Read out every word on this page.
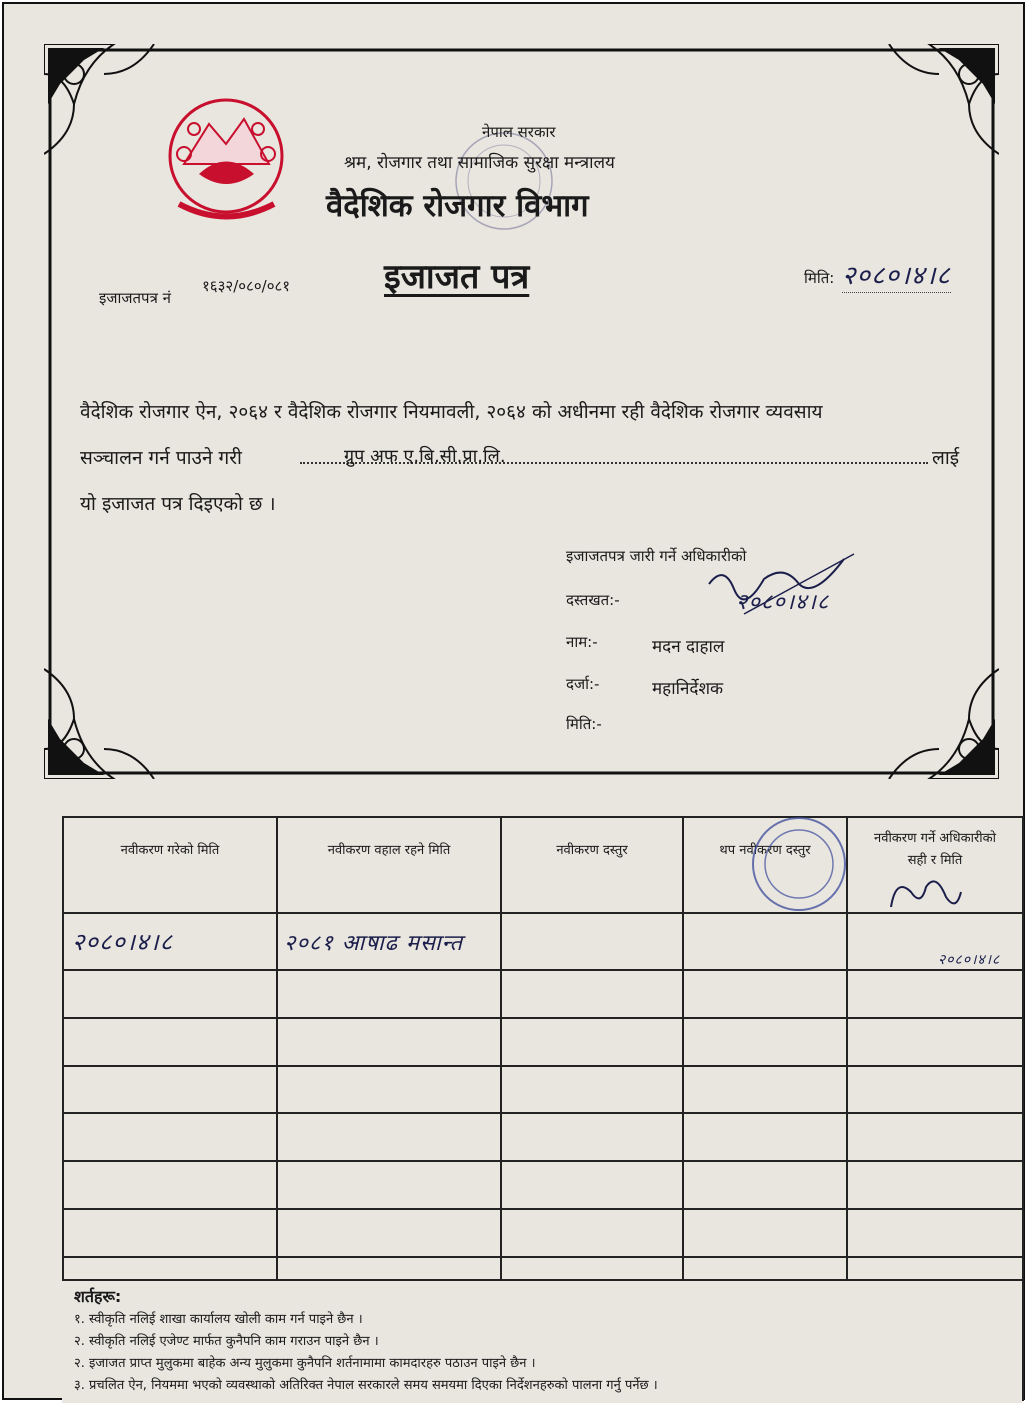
नेपाल सरकार
श्रम, रोजगार तथा सामाजिक सुरक्षा मन्त्रालय
वैदेशिक रोजगार विभाग
इजाजत पत्र
इजाजतपत्र नं
१६३२/०८०/०८१	मिति: २०८०।४।८
वैदेशिक रोजगार ऐन, २०६४ र वैदेशिक रोजगार नियमावली, २०६४ को अधीनमा रही वैदेशिक रोजगार व्यवसाय
सञ्चालन गर्न पाउने गरी	ग्रुप अफ ए.बि.सी.प्रा.लि.	लाई
यो इजाजत पत्र दिइएको छ ।
इजाजतपत्र जारी गर्ने अधिकारीको
दस्तखत:-	२०८०।४।८
नाम:-	मदन दाहाल
दर्जा:-	महानिर्देशक
मिति:-
नवीकरण गरेको मिति	नवीकरण वहाल रहने मिति	नवीकरण दस्तुर	थप नवीकरण दस्तुर	नवीकरण गर्ने अधिकारीको सही र मिति
२०८०।४।८	२०८१ आषाढ मसान्त			२०८०।४।८

शर्तहरू:
१. स्वीकृति नलिई शाखा कार्यालय खोली काम गर्न पाइने छैन ।
२. स्वीकृति नलिई एजेण्ट मार्फत कुनैपनि काम गराउन पाइने छैन ।
२. इजाजत प्राप्त मुलुकमा बाहेक अन्य मुलुकमा कुनैपनि शर्तनामामा कामदारहरु पठाउन पाइने छैन ।
३. प्रचलित ऐन, नियममा भएको व्यवस्थाको अतिरिक्त नेपाल सरकारले समय समयमा दिएका निर्देशनहरुको पालना गर्नु पर्नेछ ।
